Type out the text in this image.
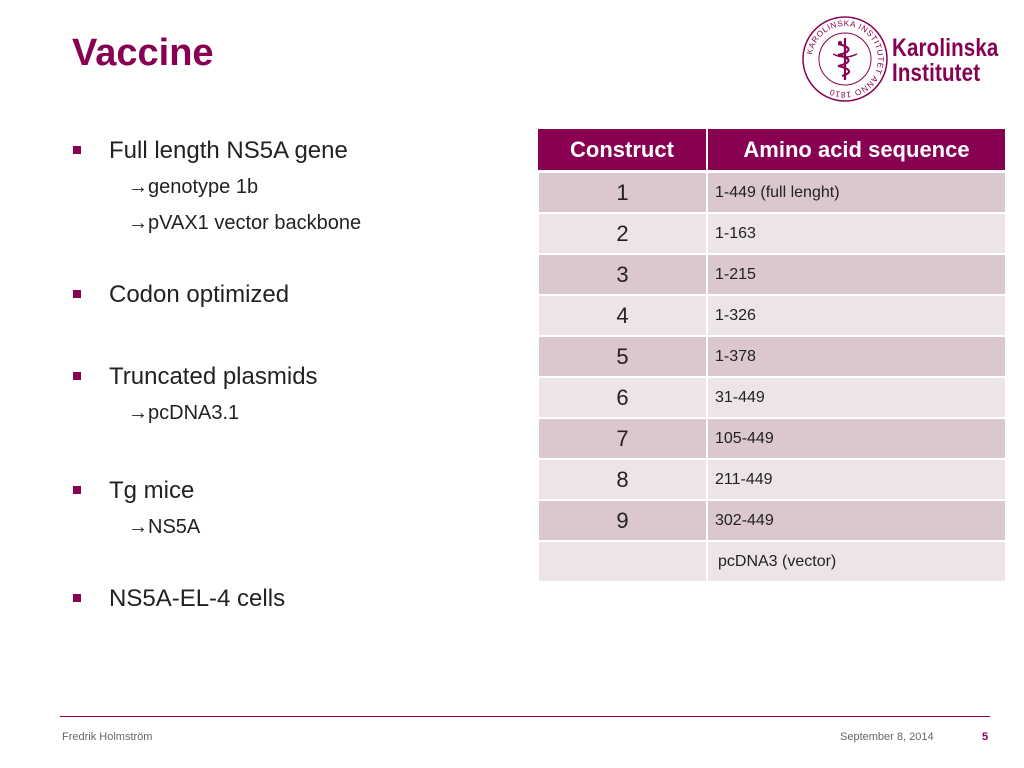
Vaccine	KAROLINSKA INSTITUTET ANNO 1810
Karolinska
Institutet
Full length NS5A gene
→genotype 1b
→pVAX1 vector backbone
Codon optimized
Truncated plasmids
→pcDNA3.1
Tg mice
→NS5A
NS5A-EL-4 cells
Construct	Amino acid sequence
1	1-449 (full lenght)
2	1-163
3	1-215
4	1-326
5	1-378
6	31-449
7	105-449
8	211-449
9	302-449
	pcDNA3 (vector)
Fredrik Holmström	September 8, 2014	5
